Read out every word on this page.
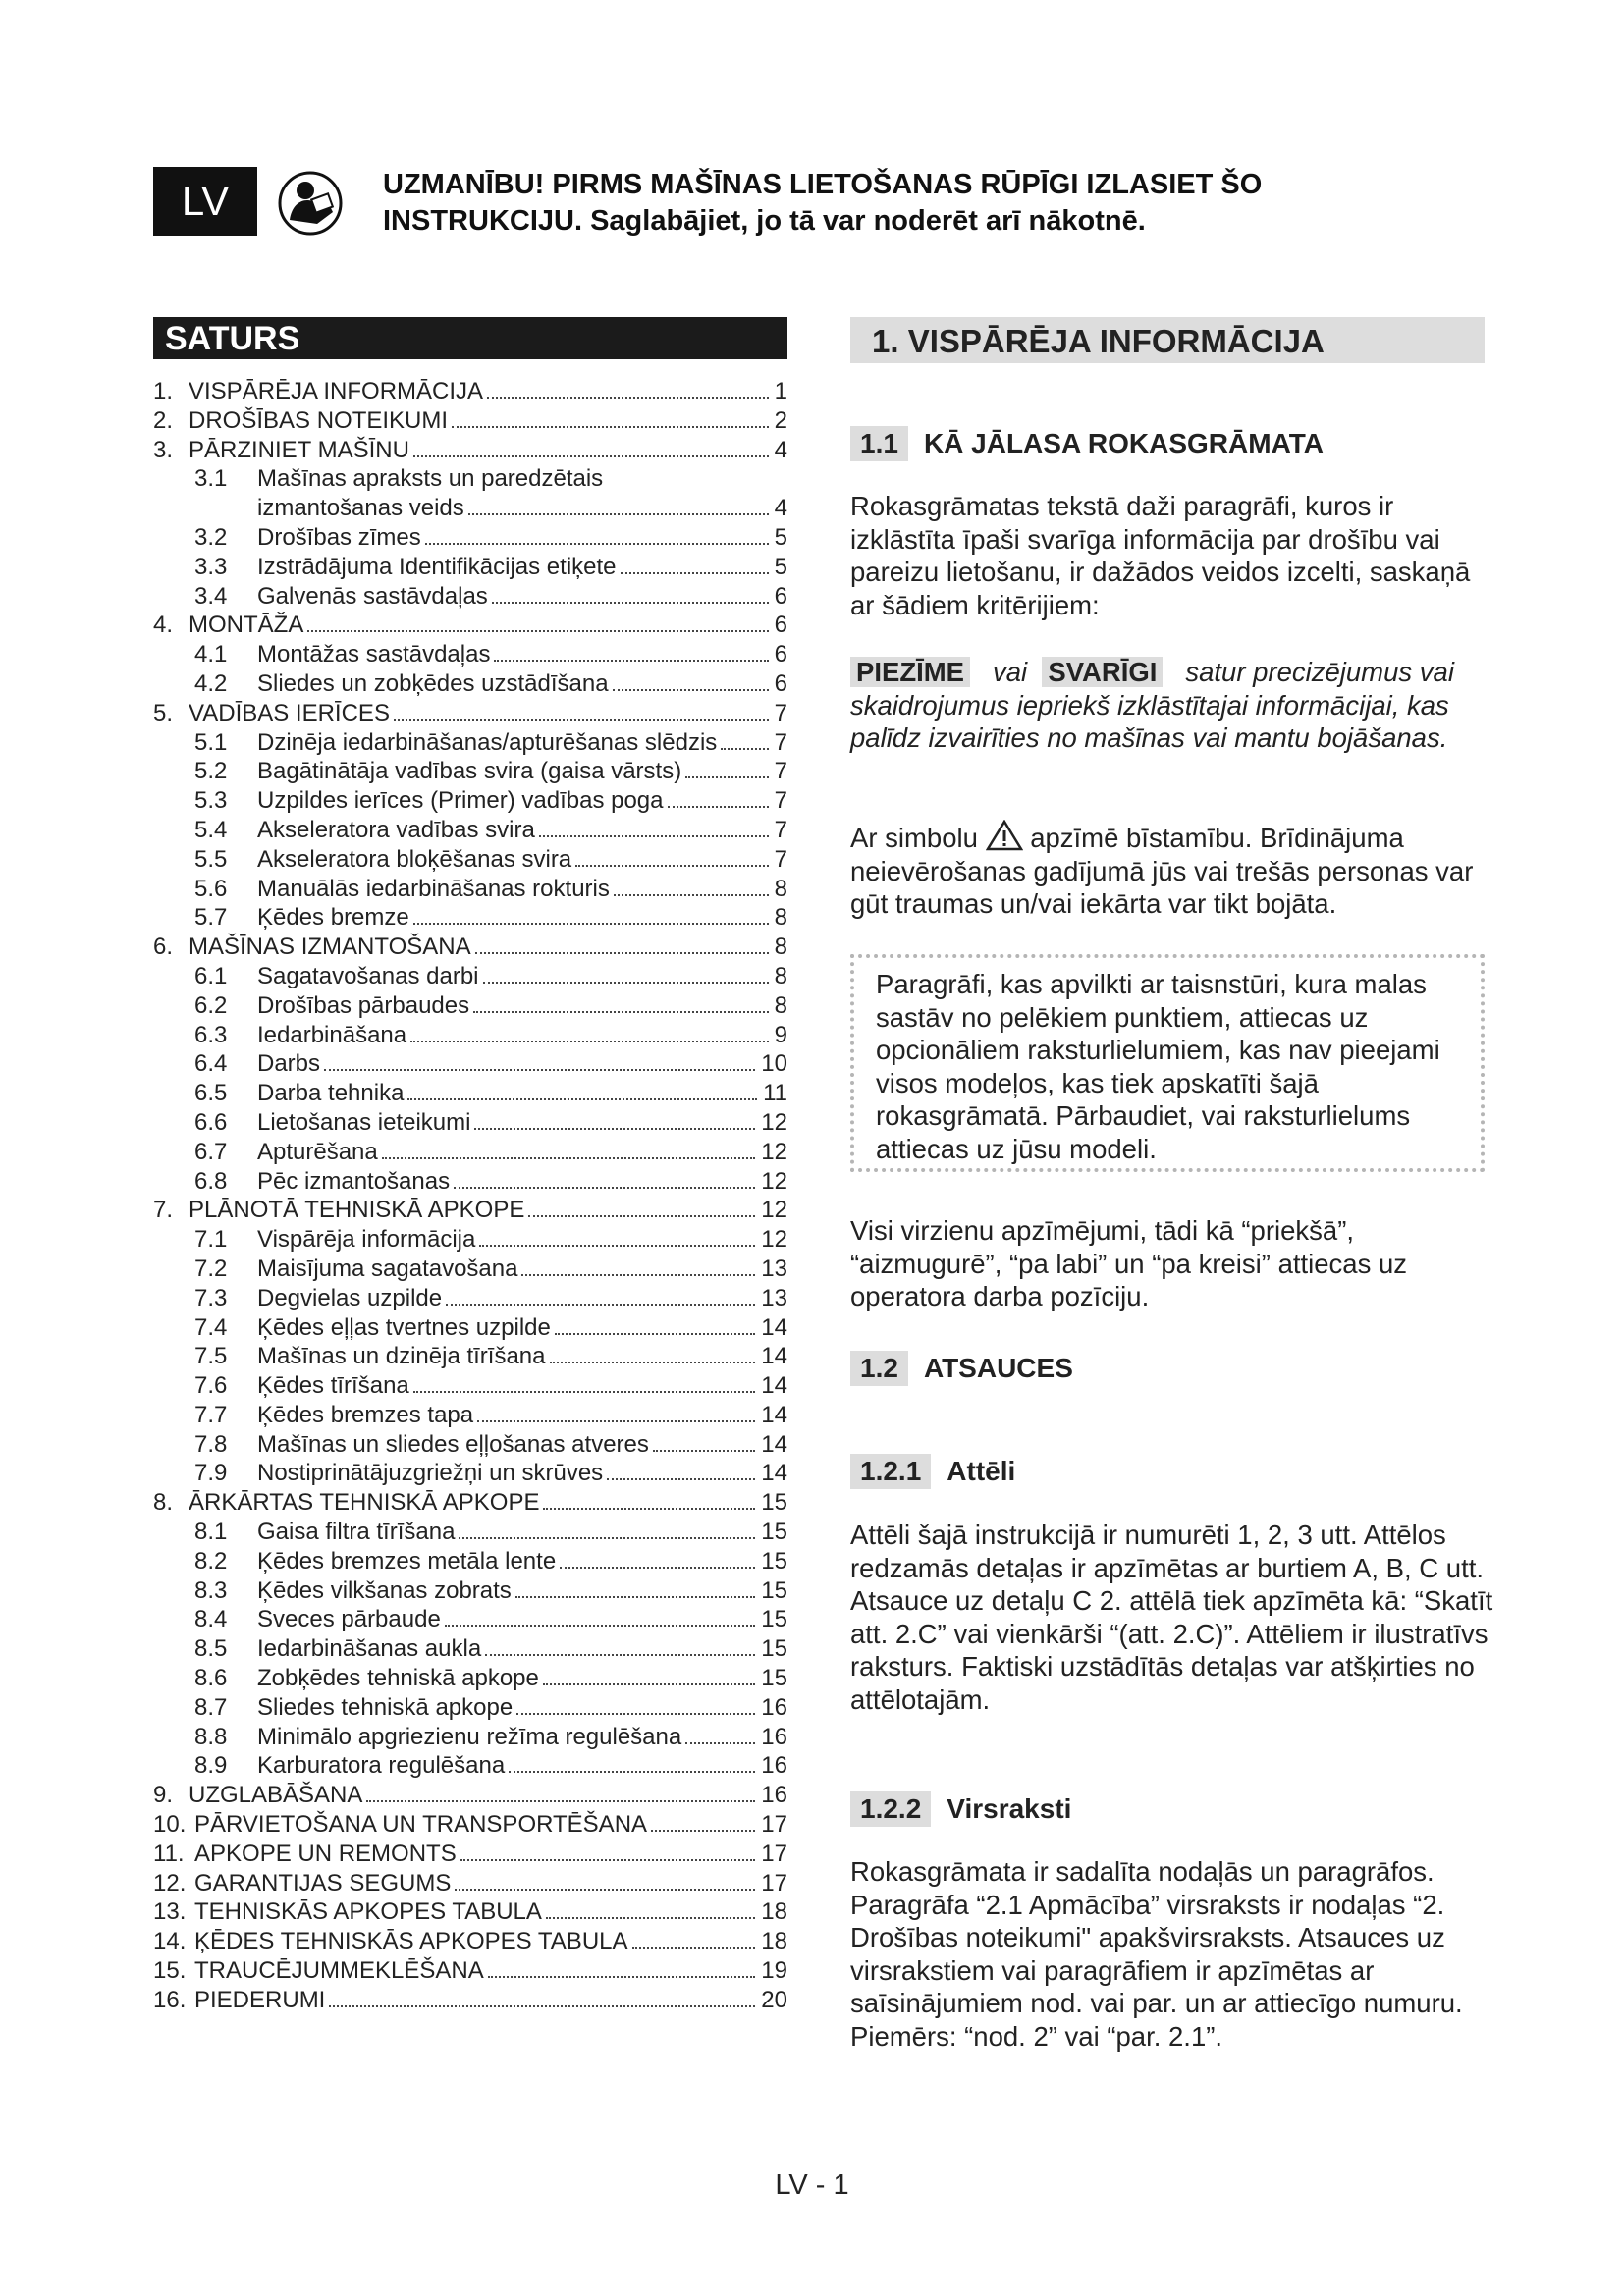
LV	UZMANĪBU! PIRMS MAŠĪNAS LIETOŠANAS RŪPĪGI IZLASIET ŠO INSTRUKCIJU. Saglabājiet, jo tā var noderēt arī nākotnē.
SATURS
1. VISPĀRĒJA INFORMĀCIJA	1
2. DROŠĪBAS NOTEIKUMI	2
3. PĀRZINIET MAŠĪNU	4
3.1 Mašīnas apraksts un paredzētais
izmantošanas veids	4
3.2 Drošības zīmes	5
3.3 Izstrādājuma Identifikācijas etiķete	5
3.4 Galvenās sastāvdaļas	6
4. MONTĀŽA	6
4.1 Montāžas sastāvdaļas	6
4.2 Sliedes un zobķēdes uzstādīšana	6
5. VADĪBAS IERĪCES	7
5.1 Dzinēja iedarbināšanas/apturēšanas slēdzis 7
5.2 Bagātinātāja vadības svira (gaisa vārsts)	7
5.3 Uzpildes ierīces (Primer) vadības poga	7
5.4 Akseleratora vadības svira	7
5.5 Akseleratora bloķēšanas svira	7
5.6 Manuālās iedarbināšanas rokturis	8
5.7 Ķēdes bremze	8
6. MAŠĪNAS IZMANTOŠANA	8
6.1 Sagatavošanas darbi	8
6.2 Drošības pārbaudes	8
6.3 Iedarbināšana	9
6.4 Darbs	10
6.5 Darba tehnika	11
6.6 Lietošanas ieteikumi	12
6.7 Apturēšana	12
6.8 Pēc izmantošanas	12
7. PLĀNOTĀ TEHNISKĀ APKOPE	12
7.1 Vispārēja informācija	12
7.2 Maisījuma sagatavošana	13
7.3 Degvielas uzpilde	13
7.4 Ķēdes eļļas tvertnes uzpilde	14
7.5 Mašīnas un dzinēja tīrīšana	14
7.6 Ķēdes tīrīšana	14
7.7 Ķēdes bremzes tapa	14
7.8 Mašīnas un sliedes eļļošanas atveres	14
7.9 Nostiprinātājuzgriežņi un skrūves	14
8. ĀRKĀRTAS TEHNISKĀ APKOPE	15
8.1 Gaisa filtra tīrīšana	15
8.2 Ķēdes bremzes metāla lente	15
8.3 Ķēdes vilkšanas zobrats	15
8.4 Sveces pārbaude	15
8.5 Iedarbināšanas aukla	15
8.6 Zobķēdes tehniskā apkope	15
8.7 Sliedes tehniskā apkope	16
8.8 Minimālo apgriezienu režīma regulēšana	16
8.9 Karburatora regulēšana	16
9. UZGLABĀŠANA	16
10. PĀRVIETOŠANA UN TRANSPORTĒŠANA	17
11. APKOPE UN REMONTS	17
12. GARANTIJAS SEGUMS	17
13. TEHNISKĀS APKOPES TABULA	18
14. ĶĒDES TEHNISKĀS APKOPES TABULA	18
15. TRAUCĒJUMMEKLĒŠANA	19
16. PIEDERUMI	20
1. VISPĀRĒJA INFORMĀCIJA
1.1 KĀ JĀLASA ROKASGRĀMATA

Rokasgrāmatas tekstā daži paragrāfi, kuros ir izklāstīta īpaši svarīga informācija par drošību vai pareizu lietošanu, ir dažādos veidos izcelti, saskaņā ar šādiem kritērijiem:

PIEZĪME vai SVARĪGI satur precizējumus vai skaidrojumus iepriekš izklāstītajai informācijai, kas palīdz izvairīties no mašīnas vai mantu bojāšanas.

Ar simbolu apzīmē bīstamību. Brīdinājuma neievērošanas gadījumā jūs vai trešās personas var gūt traumas un/vai iekārta var tikt bojāta.

Paragrāfi, kas apvilkti ar taisnstūri, kura malas sastāv no pelēkiem punktiem, attiecas uz opcionāliem raksturlielumiem, kas nav pieejami visos modeļos, kas tiek apskatīti šajā rokasgrāmatā. Pārbaudiet, vai raksturlielums attiecas uz jūsu modeli.

Visi virzienu apzīmējumi, tādi kā “priekšā”, “aizmugurē”, “pa labi” un “pa kreisi” attiecas uz operatora darba pozīciju.

1.2 ATSAUCES
1.2.1 Attēli

Attēli šajā instrukcijā ir numurēti 1, 2, 3 utt. Attēlos redzamās detaļas ir apzīmētas ar burtiem A, B, C utt. Atsauce uz detaļu C 2. attēlā tiek apzīmēta kā: “Skatīt att. 2.C” vai vienkārši “(att. 2.C)”. Attēliem ir ilustratīvs raksturs. Faktiski uzstādītās detaļas var atšķirties no attēlotajām.

1.2.2 Virsraksti

Rokasgrāmata ir sadalīta nodaļās un paragrāfos. Paragrāfa “2.1 Apmācība” virsraksts ir nodaļas “2. Drošības noteikumi" apakšvirsraksts. Atsauces uz virsrakstiem vai paragrāfiem ir apzīmētas ar saīsinājumiem nod. vai par. un ar attiecīgo numuru. Piemērs: “nod. 2” vai “par. 2.1”.

LV - 1
